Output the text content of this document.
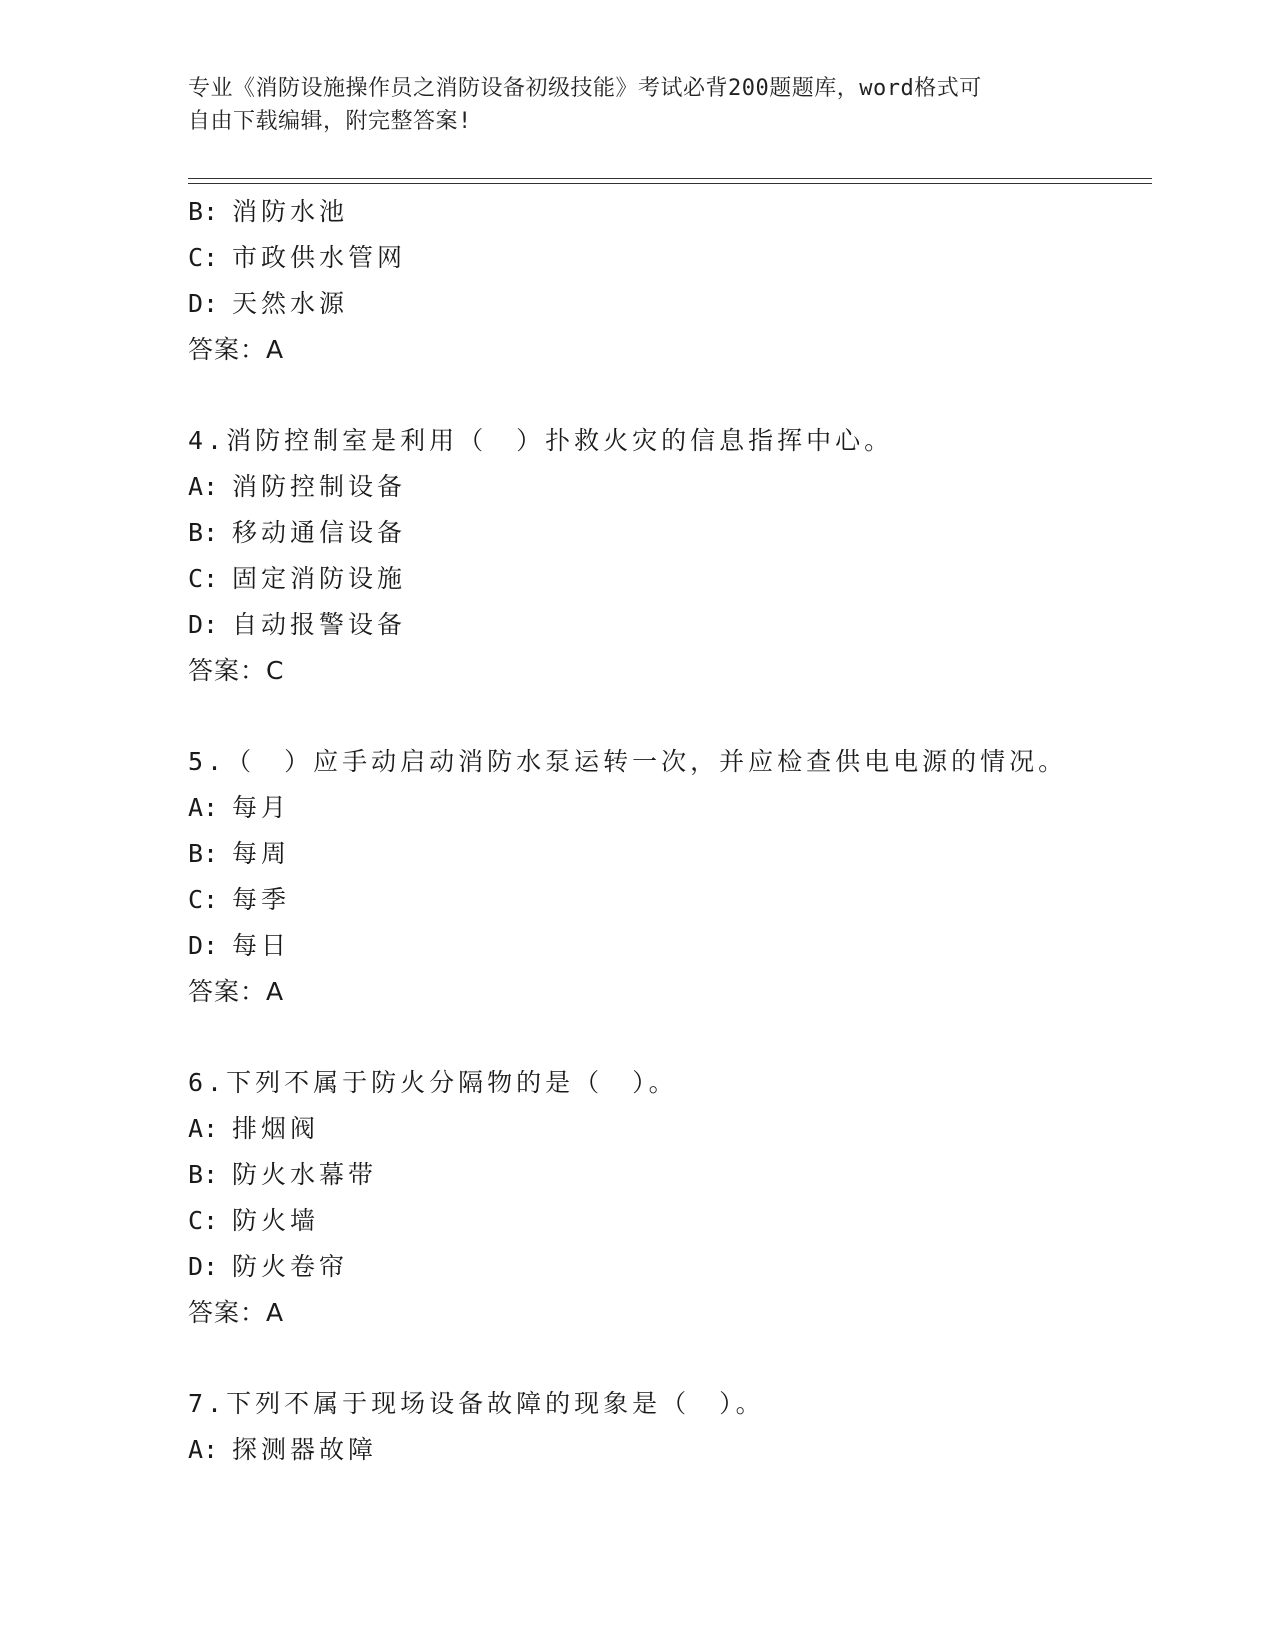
专业《消防设施操作员之消防设备初级技能》考试必背200题题库，word格式可
自由下载编辑，附完整答案!
B: 消防水池
C: 市政供水管网
D: 天然水源
答案：A
4.消防控制室是利用（　）扑救火灾的信息指挥中心。
A: 消防控制设备
B: 移动通信设备
C: 固定消防设施
D: 自动报警设备
答案：C
5.（　）应手动启动消防水泵运转一次，并应检查供电电源的情况。
A: 每月
B: 每周
C: 每季
D: 每日
答案：A
6.下列不属于防火分隔物的是（　）。
A: 排烟阀
B: 防火水幕带
C: 防火墙
D: 防火卷帘
答案：A
7.下列不属于现场设备故障的现象是（　）。
A: 探测器故障
